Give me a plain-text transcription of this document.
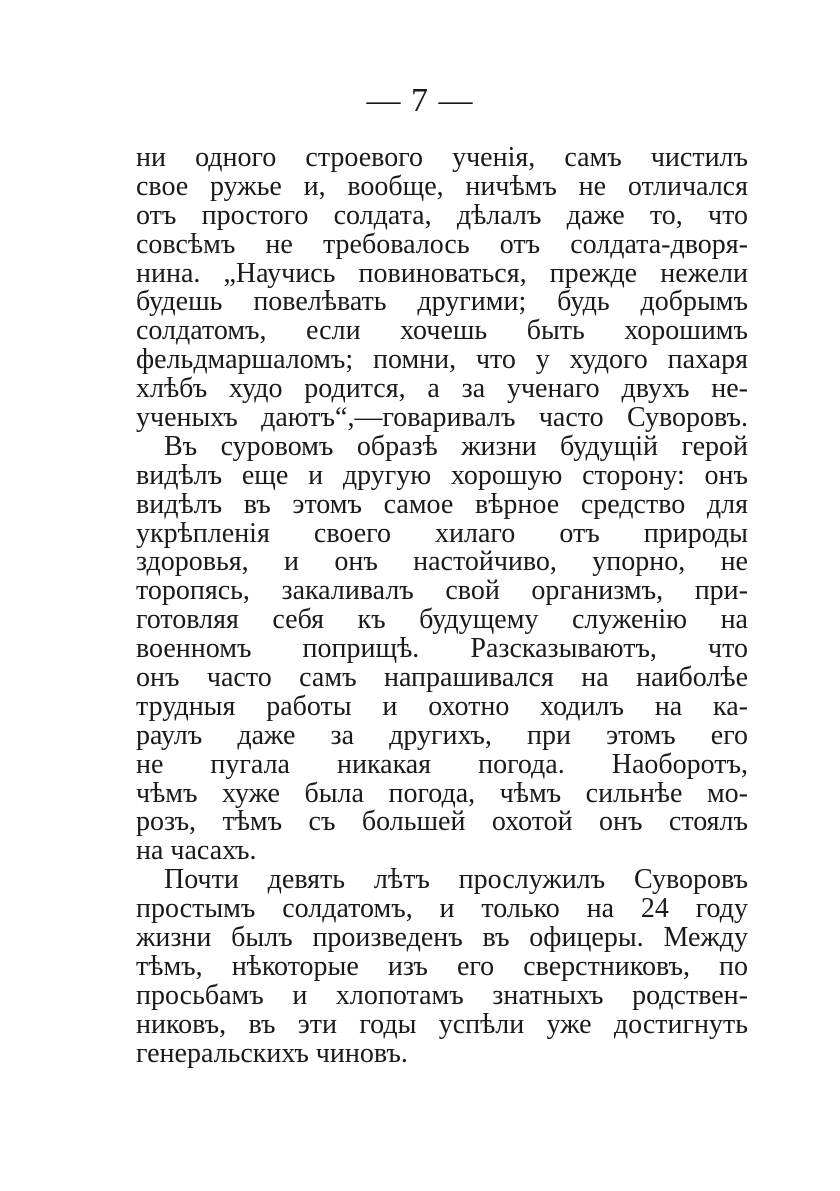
— 7 —
ни одного строевого ученія, самъ чистилъ
свое ружье и, вообще, ничѣмъ не отличался
отъ простого солдата, дѣлалъ даже то, что
совсѣмъ не требовалось отъ солдата-дворя-
нина. „Научись повиноваться, прежде нежели
будешь повелѣвать другими; будь добрымъ
солдатомъ, если хочешь быть хорошимъ
фельдмаршаломъ; помни, что у худого пахаря
хлѣбъ худо родится, а за ученаго двухъ не-
ученыхъ даютъ“,—говаривалъ часто Суворовъ.
Въ суровомъ образѣ жизни будущій герой
видѣлъ еще и другую хорошую сторону: онъ
видѣлъ въ этомъ самое вѣрное средство для
укрѣпленія своего хилаго отъ природы
здоровья, и онъ настойчиво, упорно, не
торопясь, закаливалъ свой организмъ, при-
готовляя себя къ будущему служенію на
военномъ поприщѣ. Разсказываютъ, что
онъ часто самъ напрашивался на наиболѣе
трудныя работы и охотно ходилъ на ка-
раулъ даже за другихъ, при этомъ его
не пугала никакая погода. Наоборотъ,
чѣмъ хуже была погода, чѣмъ сильнѣе мо-
розъ, тѣмъ съ большей охотой онъ стоялъ
на часахъ.
Почти девять лѣтъ прослужилъ Суворовъ
простымъ солдатомъ, и только на 24 году
жизни былъ произведенъ въ офицеры. Между
тѣмъ, нѣкоторые изъ его сверстниковъ, по
просьбамъ и хлопотамъ знатныхъ родствен-
никовъ, въ эти годы успѣли уже достигнуть
генеральскихъ чиновъ.
